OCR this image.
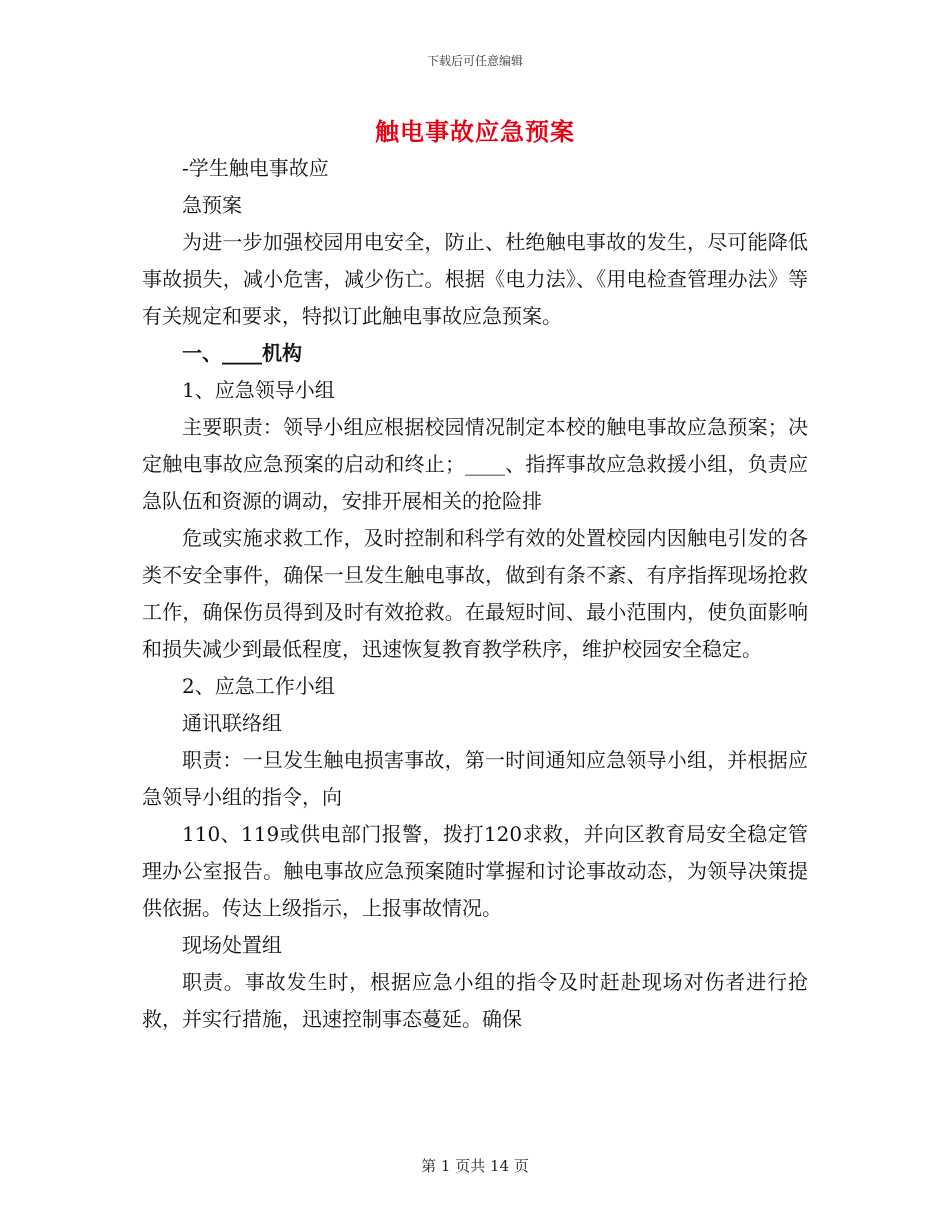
下载后可任意编辑
触电事故应急预案

-学生触电事故应

急预案

为进一步加强校园用电安全，防止、杜绝触电事故的发生，尽可能降低事故损失，减小危害，减少伤亡。根据《电力法》、《用电检查管理办法》等有关规定和要求，特拟订此触电事故应急预案。

一、____机构

1、应急领导小组

主要职责：领导小组应根据校园情况制定本校的触电事故应急预案；决定触电事故应急预案的启动和终止；____、指挥事故应急救援小组，负责应急队伍和资源的调动，安排开展相关的抢险排

危或实施求救工作，及时控制和科学有效的处置校园内因触电引发的各类不安全事件，确保一旦发生触电事故，做到有条不紊、有序指挥现场抢救工作，确保伤员得到及时有效抢救。在最短时间、最小范围内，使负面影响和损失减少到最低程度，迅速恢复教育教学秩序，维护校园安全稳定。

2、应急工作小组

通讯联络组

职责：一旦发生触电损害事故，第一时间通知应急领导小组，并根据应急领导小组的指令，向

110、119或供电部门报警，拨打120求救，并向区教育局安全稳定管理办公室报告。触电事故应急预案随时掌握和讨论事故动态，为领导决策提供依据。传达上级指示，上报事故情况。

现场处置组

职责。事故发生时，根据应急小组的指令及时赶赴现场对伤者进行抢救，并实行措施，迅速控制事态蔓延。确保

第 1 页共 14 页
